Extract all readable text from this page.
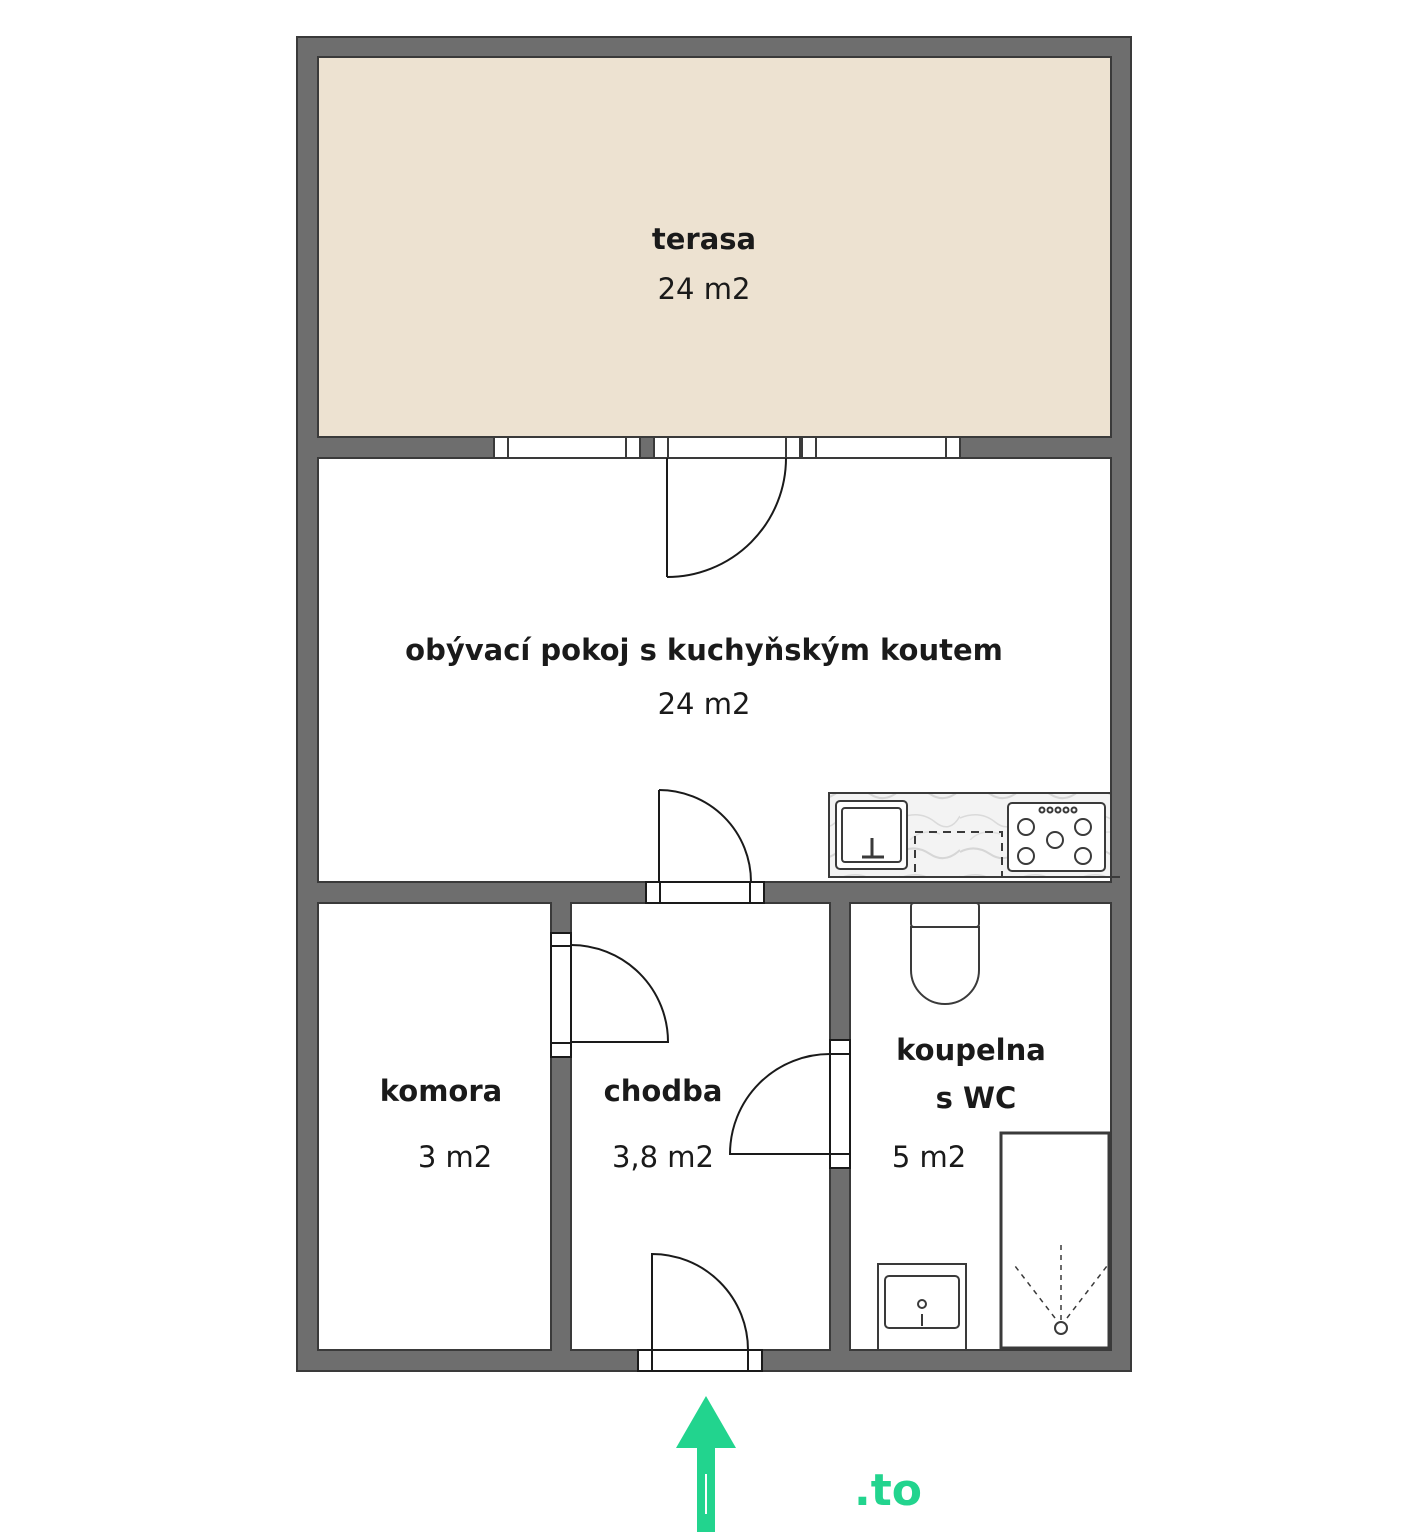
terasa
24 m2
obývací pokoj s kuchyňským koutem
24 m2
komora
3 m2
chodba
3,8 m2
koupelna
s WC
5 m2
.to
